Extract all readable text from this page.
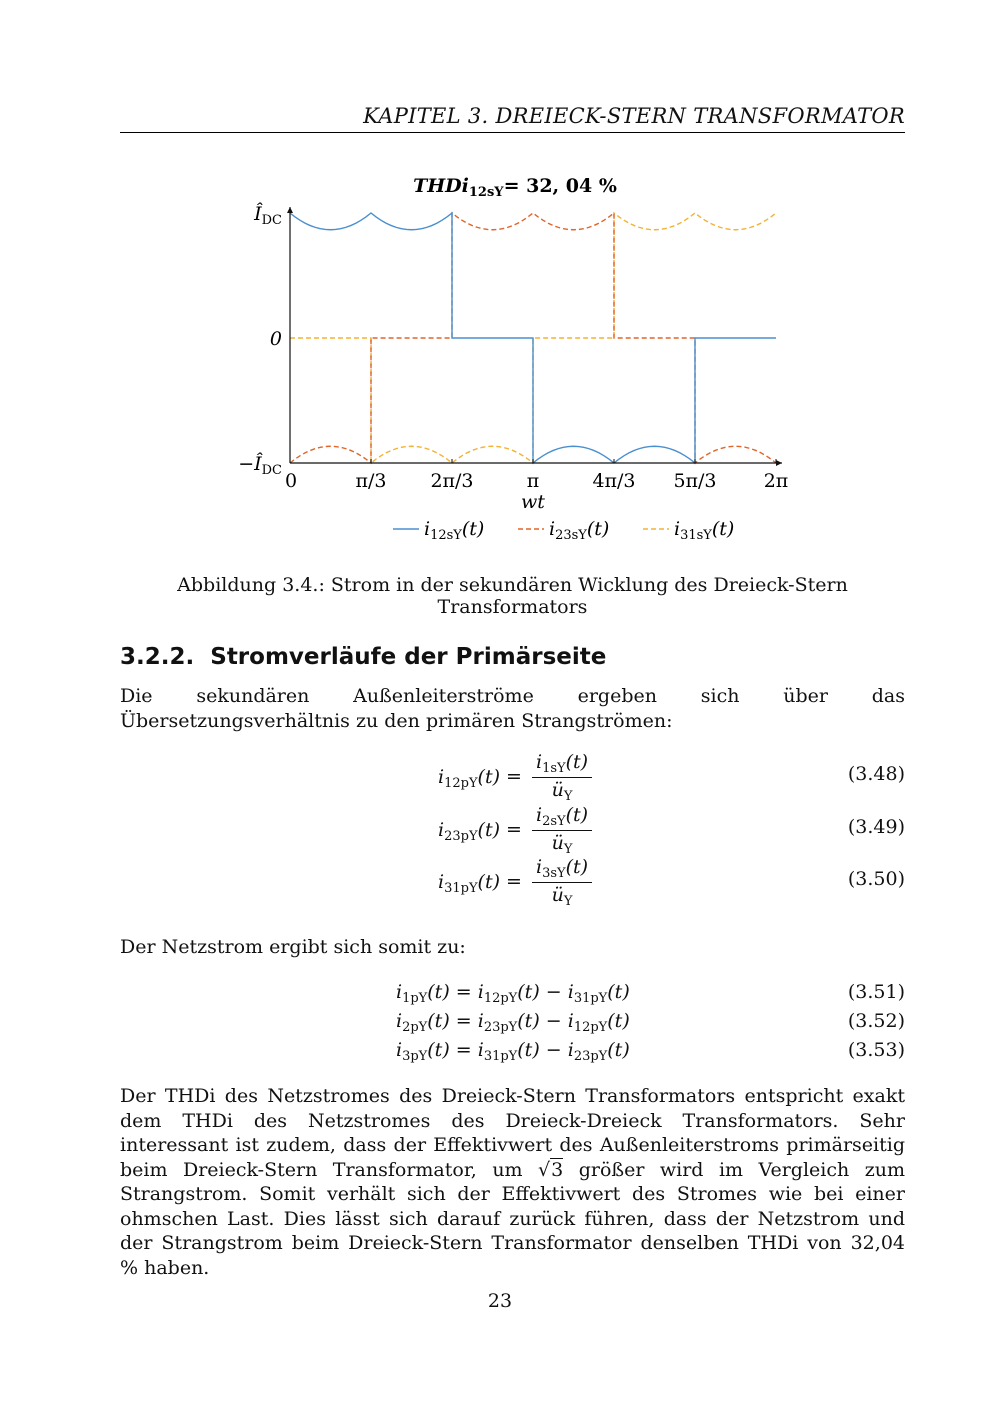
KAPITEL 3. DREIECK-STERN TRANSFORMATOR
THDi$_{12sY}$= 32, 04 %
0	π/3 2π/3	π	4π/3 5π/3 2π
$Î_{DC}$
0
$-Î_{DC}$
wt
$i_{12sY}(t)$	$i_{23sY}(t)$	$i_{31sY}(t)$
Abbildung 3.4.: Strom in der sekundären Wicklung des Dreieck-Stern Transformators
3.2.2. Stromverläufe der Primärseite
Die sekundären Außenleiterströme ergeben sich über das Übersetzungsverhältnis zu den primären Strangströmen:
$i_{12pY}(t) = \frac{i_{1sY}(t)}{ü_Y}$	(3.48)
$i_{23pY}(t) = \frac{i_{2sY}(t)}{ü_Y}$	(3.49)
$i_{31pY}(t) = \frac{i_{3sY}(t)}{ü_Y}$	(3.50)
Der Netzstrom ergibt sich somit zu:
$i_{1pY}(t) = i_{12pY}(t) - i_{31pY}(t)$	(3.51)
$i_{2pY}(t) = i_{23pY}(t) - i_{12pY}(t)$	(3.52)
$i_{3pY}(t) = i_{31pY}(t) - i_{23pY}(t)$	(3.53)
Der THDi des Netzstromes des Dreieck-Stern Transformators entspricht exakt dem THDi des Netzstromes des Dreieck-Dreieck Transformators. Sehr interessant ist zudem, dass der Effektivwert des Außenleiterstroms primärseitig beim Dreieck-Stern Transformator, um √3 größer wird im Vergleich zum Strangstrom. Somit verhält sich der Effektivwert des Stromes wie bei einer ohmschen Last. Dies lässt sich darauf zurück führen, dass der Netzstrom und der Strangstrom beim Dreieck-Stern Transformator denselben THDi von 32,04 % haben.
23
